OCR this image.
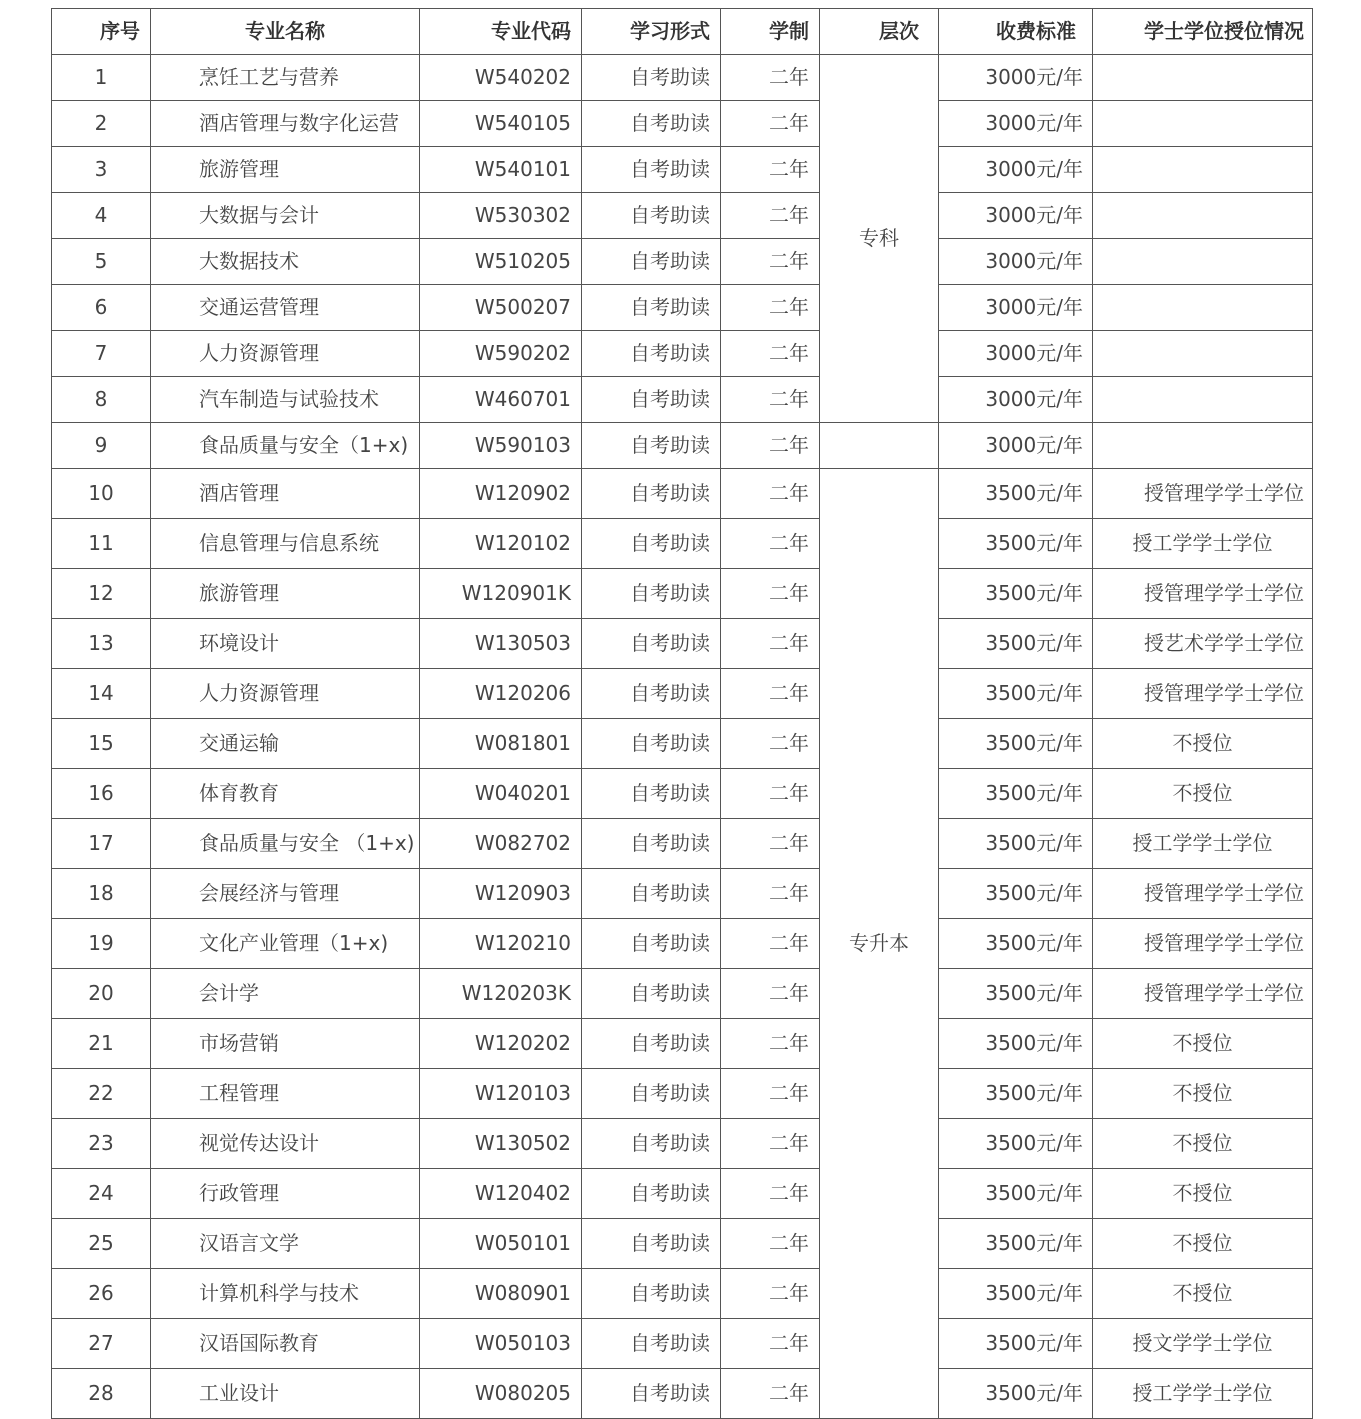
序号	专业名称	专业代码	学习形式	学制	层次	收费标准	学士学位授位情况
1	烹饪工艺与营养	W540202	自考助读	二年	专科	3000元/年	
2	酒店管理与数字化运营	W540105	自考助读	二年		3000元/年	
3	旅游管理	W540101	自考助读	二年		3000元/年	
4	大数据与会计	W530302	自考助读	二年		3000元/年	
5	大数据技术	W510205	自考助读	二年		3000元/年	
6	交通运营管理	W500207	自考助读	二年		3000元/年	
7	人力资源管理	W590202	自考助读	二年		3000元/年	
8	汽车制造与试验技术	W460701	自考助读	二年		3000元/年	
9	食品质量与安全（1+x)	W590103	自考助读	二年		3000元/年	
10	酒店管理	W120902	自考助读	二年	专升本	3500元/年	授管理学学士学位
11	信息管理与信息系统	W120102	自考助读	二年		3500元/年	授工学学士学位
12	旅游管理	W120901K	自考助读	二年		3500元/年	授管理学学士学位
13	环境设计	W130503	自考助读	二年		3500元/年	授艺术学学士学位
14	人力资源管理	W120206	自考助读	二年		3500元/年	授管理学学士学位
15	交通运输	W081801	自考助读	二年		3500元/年	不授位
16	体育教育	W040201	自考助读	二年		3500元/年	不授位
17	食品质量与安全 （1+x)	W082702	自考助读	二年		3500元/年	授工学学士学位
18	会展经济与管理	W120903	自考助读	二年		3500元/年	授管理学学士学位
19	文化产业管理（1+x)	W120210	自考助读	二年		3500元/年	授管理学学士学位
20	会计学	W120203K	自考助读	二年		3500元/年	授管理学学士学位
21	市场营销	W120202	自考助读	二年		3500元/年	不授位
22	工程管理	W120103	自考助读	二年		3500元/年	不授位
23	视觉传达设计	W130502	自考助读	二年		3500元/年	不授位
24	行政管理	W120402	自考助读	二年		3500元/年	不授位
25	汉语言文学	W050101	自考助读	二年		3500元/年	不授位
26	计算机科学与技术	W080901	自考助读	二年		3500元/年	不授位
27	汉语国际教育	W050103	自考助读	二年		3500元/年	授文学学士学位
28	工业设计	W080205	自考助读	二年		3500元/年	授工学学士学位
